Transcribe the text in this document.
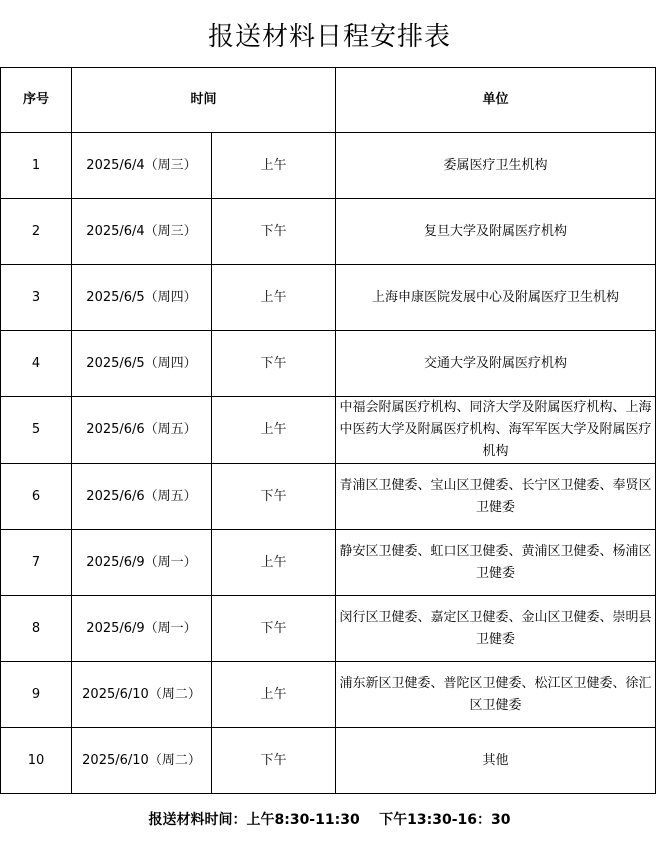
报送材料日程安排表
序号	时间		单位
1	2025/6/4（周三）	上午	委属医疗卫生机构
2	2025/6/4（周三）	下午	复旦大学及附属医疗机构
3	2025/6/5（周四）	上午	上海申康医院发展中心及附属医疗卫生机构
4	2025/6/5（周四）	下午	交通大学及附属医疗机构
5	2025/6/6（周五）	上午	中福会附属医疗机构、同济大学及附属医疗机构、上海中医药大学及附属医疗机构、海军军医大学及附属医疗机构
6	2025/6/6（周五）	下午	青浦区卫健委、宝山区卫健委、长宁区卫健委、奉贤区卫健委
7	2025/6/9（周一）	上午	静安区卫健委、虹口区卫健委、黄浦区卫健委、杨浦区卫健委
8	2025/6/9（周一）	下午	闵行区卫健委、嘉定区卫健委、金山区卫健委、崇明县卫健委
9	2025/6/10（周二）	上午	浦东新区卫健委、普陀区卫健委、松江区卫健委、徐汇区卫健委
10	2025/6/10（周二）	下午	其他
报送材料时间：上午8:30-11:30    下午13:30-16：30
